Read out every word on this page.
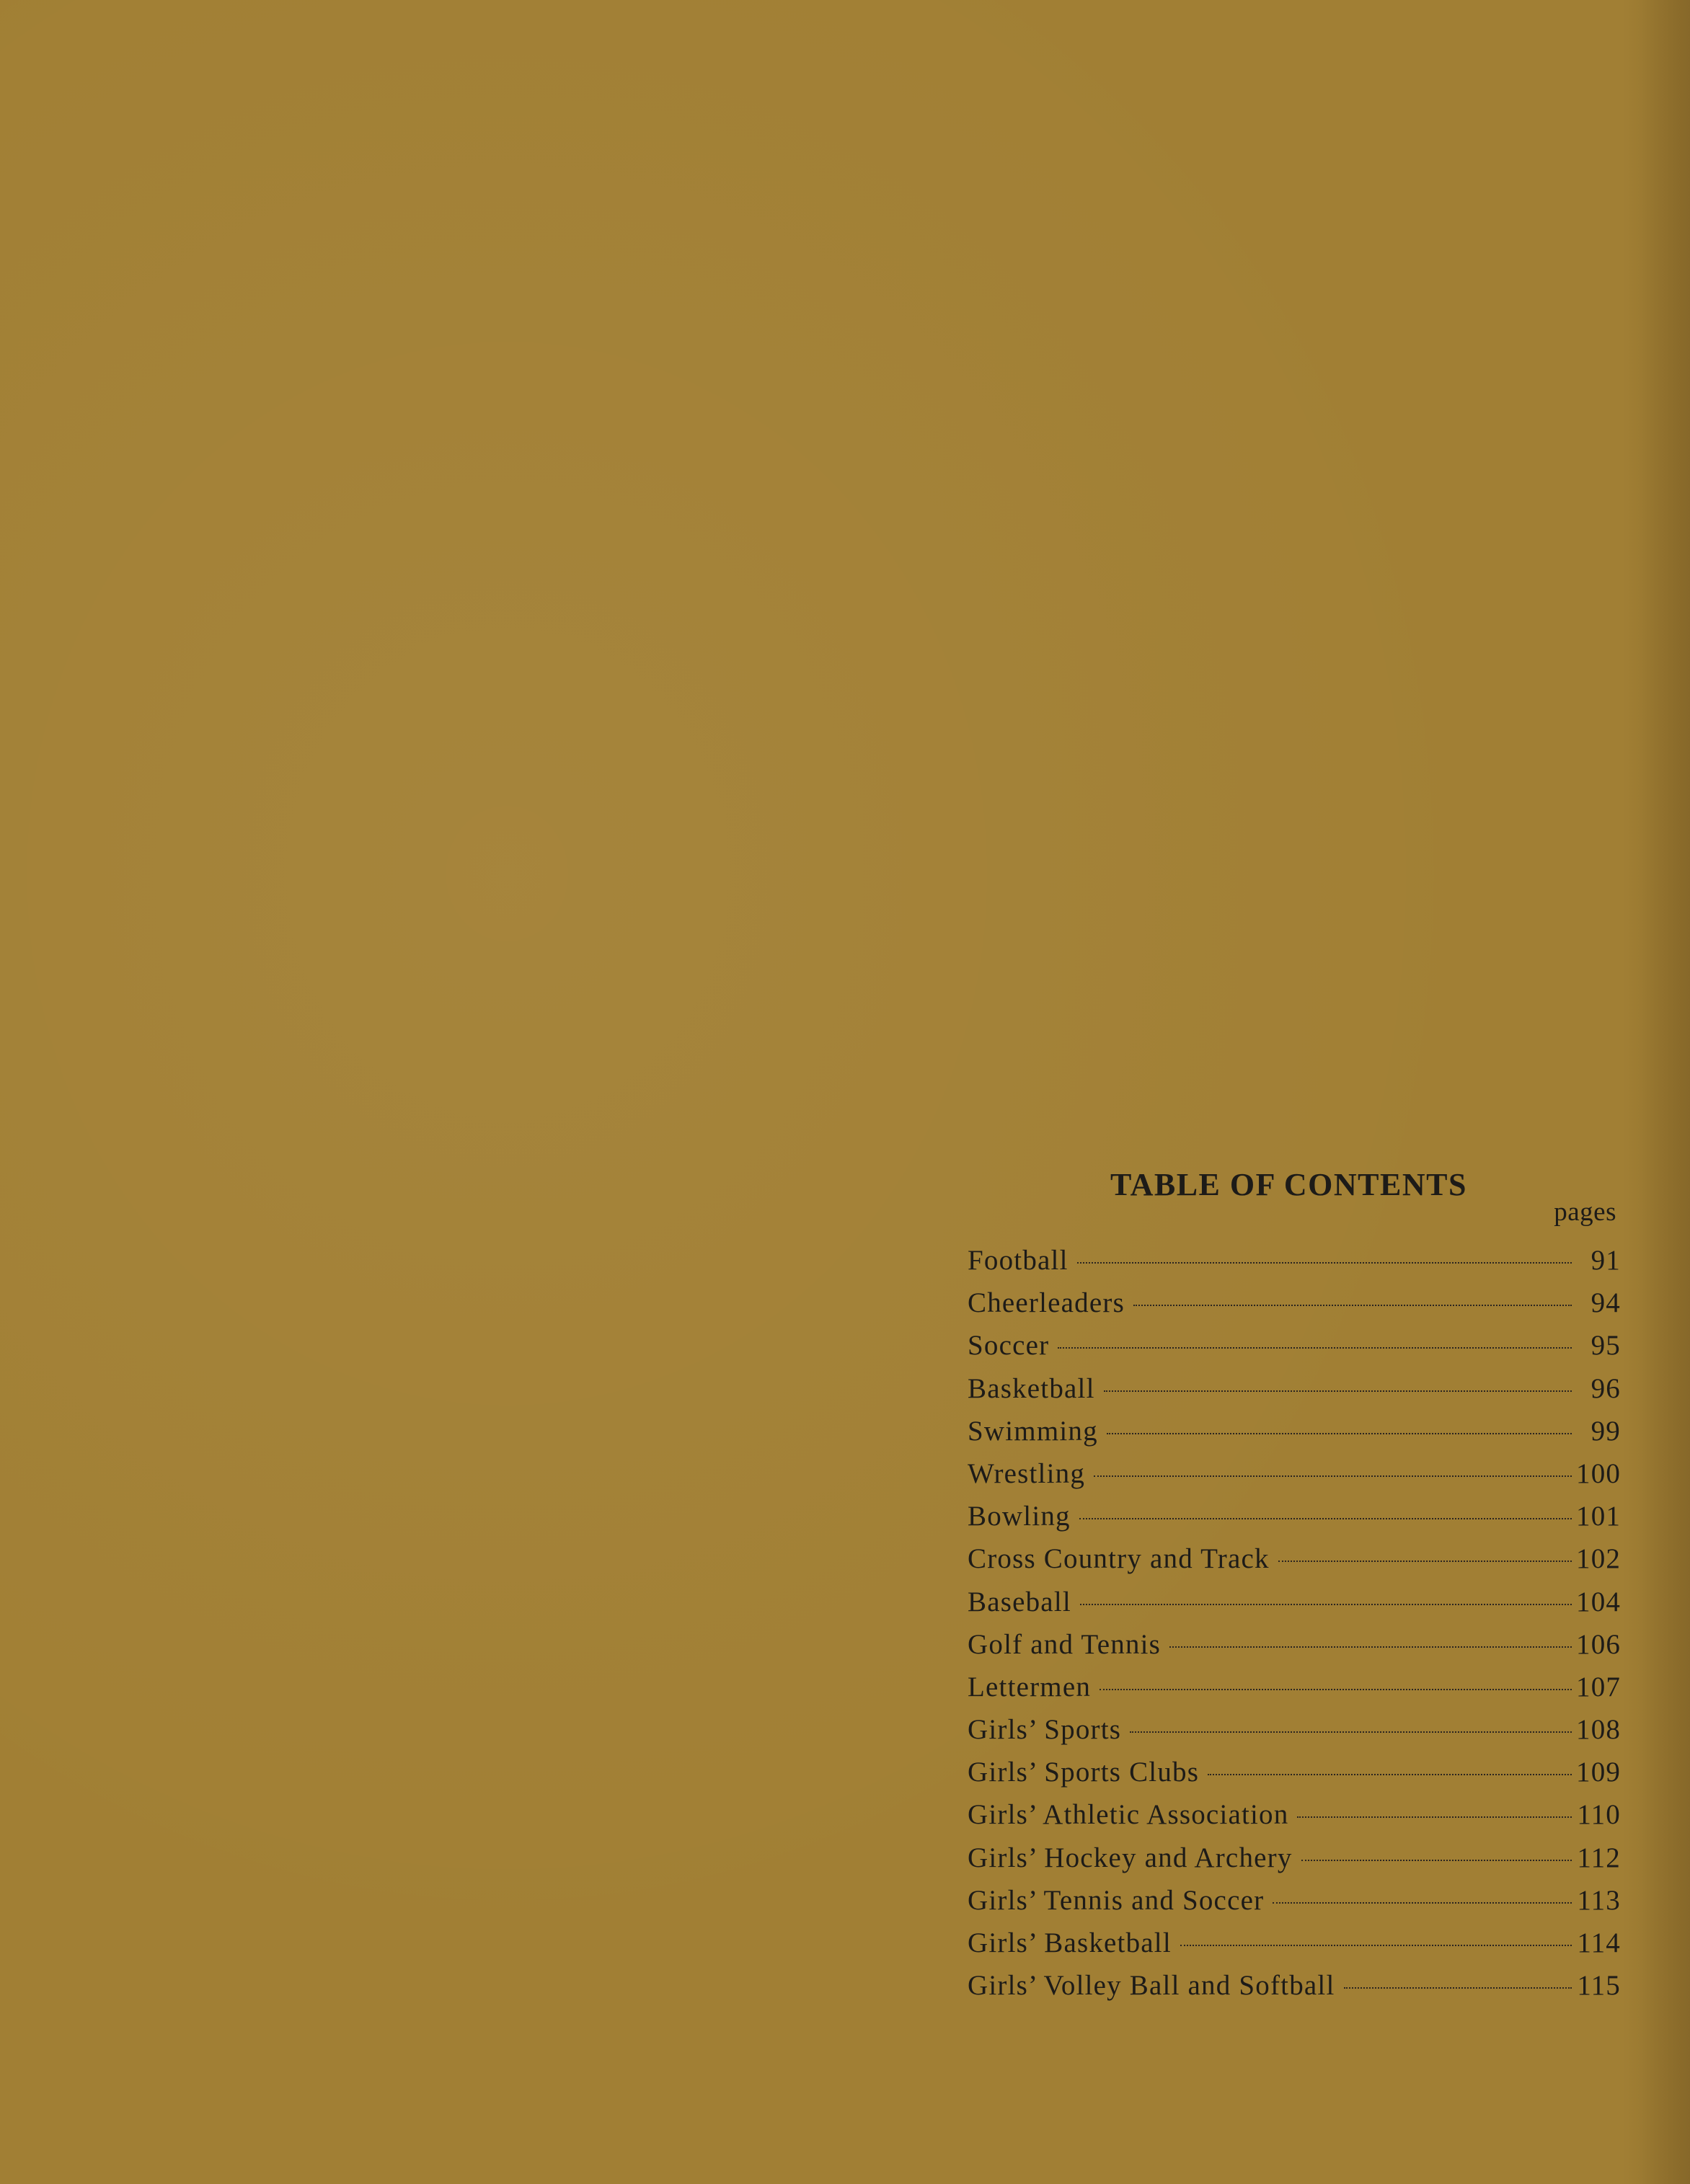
TABLE OF CONTENTS
pages
Football	91
Cheerleaders	94
Soccer	95
Basketball	96
Swimming	99
Wrestling	100
Bowling	101
Cross Country and Track	102
Baseball	104
Golf and Tennis	106
Lettermen	107
Girls’ Sports	108
Girls’ Sports Clubs	109
Girls’ Athletic Association	110
Girls’ Hockey and Archery	112
Girls’ Tennis and Soccer	113
Girls’ Basketball	114
Girls’ Volley Ball and Softball	115
